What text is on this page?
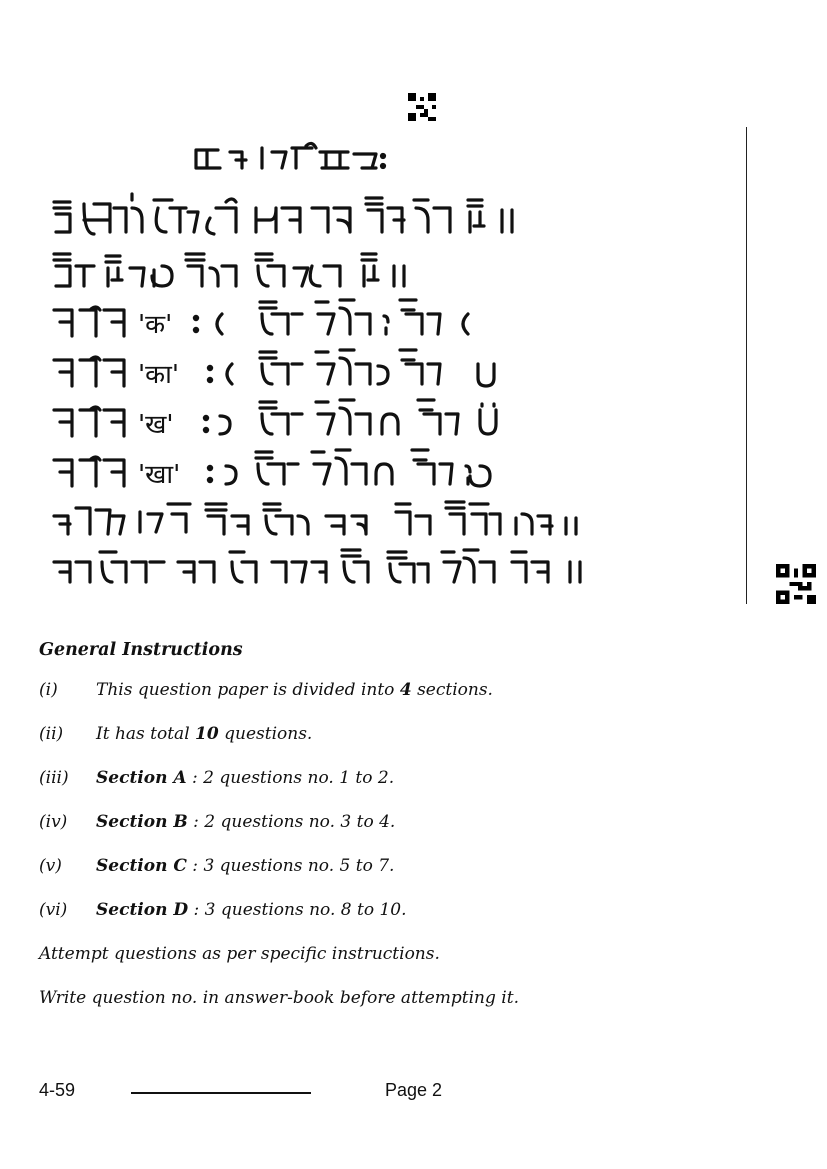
'क'
'का'
'ख'
'खा'
General Instructions
(i)	This question paper is divided into 4 sections.
(ii)	It has total 10 questions.
(iii)	Section A : 2 questions no. 1 to 2.
(iv)	Section B : 2 questions no. 3 to 4.
(v)	Section C : 3 questions no. 5 to 7.
(vi)	Section D : 3 questions no. 8 to 10.
Attempt questions as per specific instructions.
Write question no. in answer-book before attempting it.
4-59	Page 2
